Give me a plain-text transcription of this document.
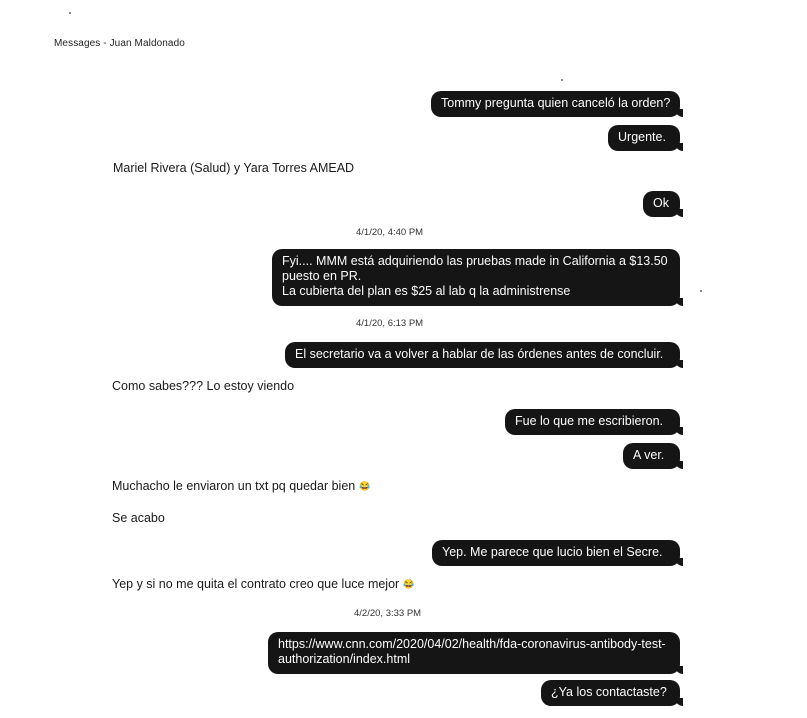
Messages - Juan Maldonado
Tommy pregunta quien canceló la orden?
Urgente.
Mariel Rivera (Salud) y Yara Torres AMEAD
Ok
4/1/20, 4:40 PM
Fyi.... MMM está adquiriendo las pruebas made in California a $13.50
puesto en PR.
La cubierta del plan es $25 al lab q la administrense
4/1/20, 6:13 PM
El secretario va a volver a hablar de las órdenes antes de concluir.
Como sabes??? Lo estoy viendo
Fue lo que me escribieron.
A ver.
Muchacho le enviaron un txt pq quedar bien 😂
Se acabo
Yep. Me parece que lucio bien el Secre.
Yep y si no me quita el contrato creo que luce mejor 😂
4/2/20, 3:33 PM
https://www.cnn.com/2020/04/02/health/fda-coronavirus-antibody-test-
authorization/index.html
¿Ya los contactaste?
